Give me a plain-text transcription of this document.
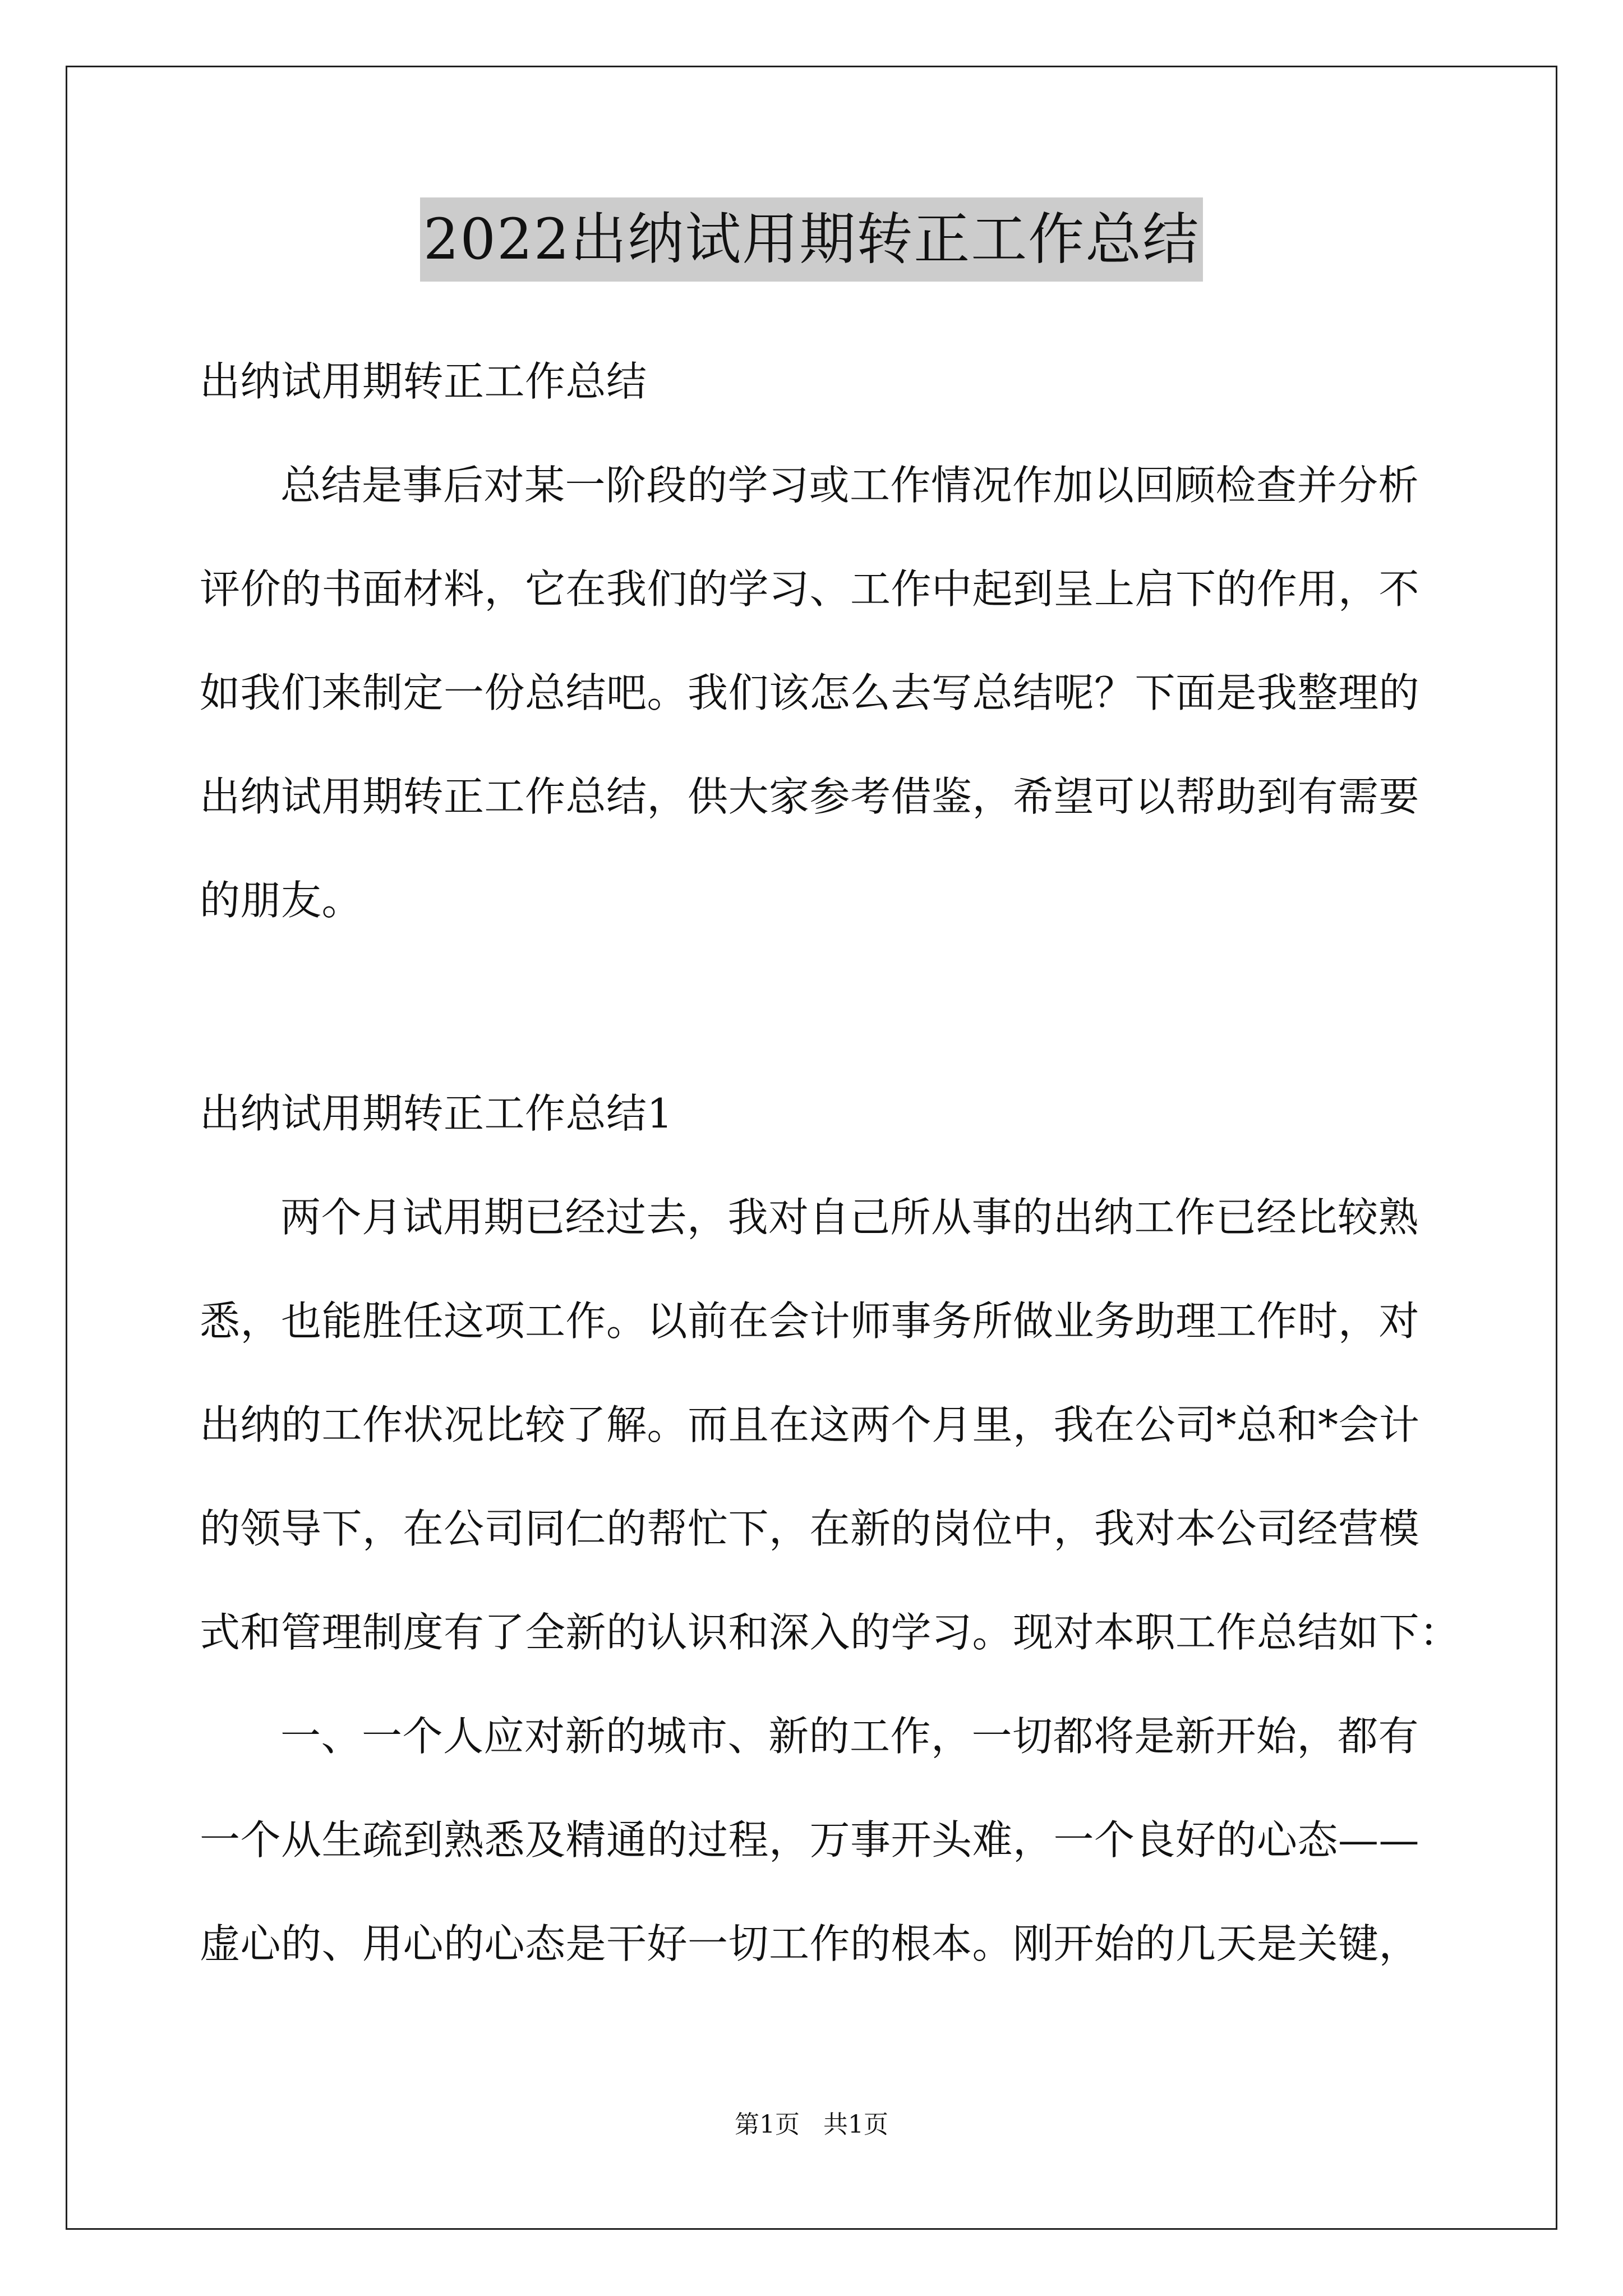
2022出纳试用期转正工作总结
出纳试用期转正工作总结
总结是事后对某一阶段的学习或工作情况作加以回顾检查并分析
评价的书面材料，它在我们的学习、工作中起到呈上启下的作用，不
如我们来制定一份总结吧。我们该怎么去写总结呢？下面是我整理的
出纳试用期转正工作总结，供大家参考借鉴，希望可以帮助到有需要
的朋友。
出纳试用期转正工作总结1
两个月试用期已经过去，我对自己所从事的出纳工作已经比较熟
悉，也能胜任这项工作。以前在会计师事务所做业务助理工作时，对
出纳的工作状况比较了解。而且在这两个月里，我在公司*总和*会计
的领导下，在公司同仁的帮忙下，在新的岗位中，我对本公司经营模
式和管理制度有了全新的认识和深入的学习。现对本职工作总结如下：
一、一个人应对新的城市、新的工作，一切都将是新开始，都有
一个从生疏到熟悉及精通的过程，万事开头难，一个良好的心态——
虚心的、用心的心态是干好一切工作的根本。刚开始的几天是关键，
第1页   共1页
